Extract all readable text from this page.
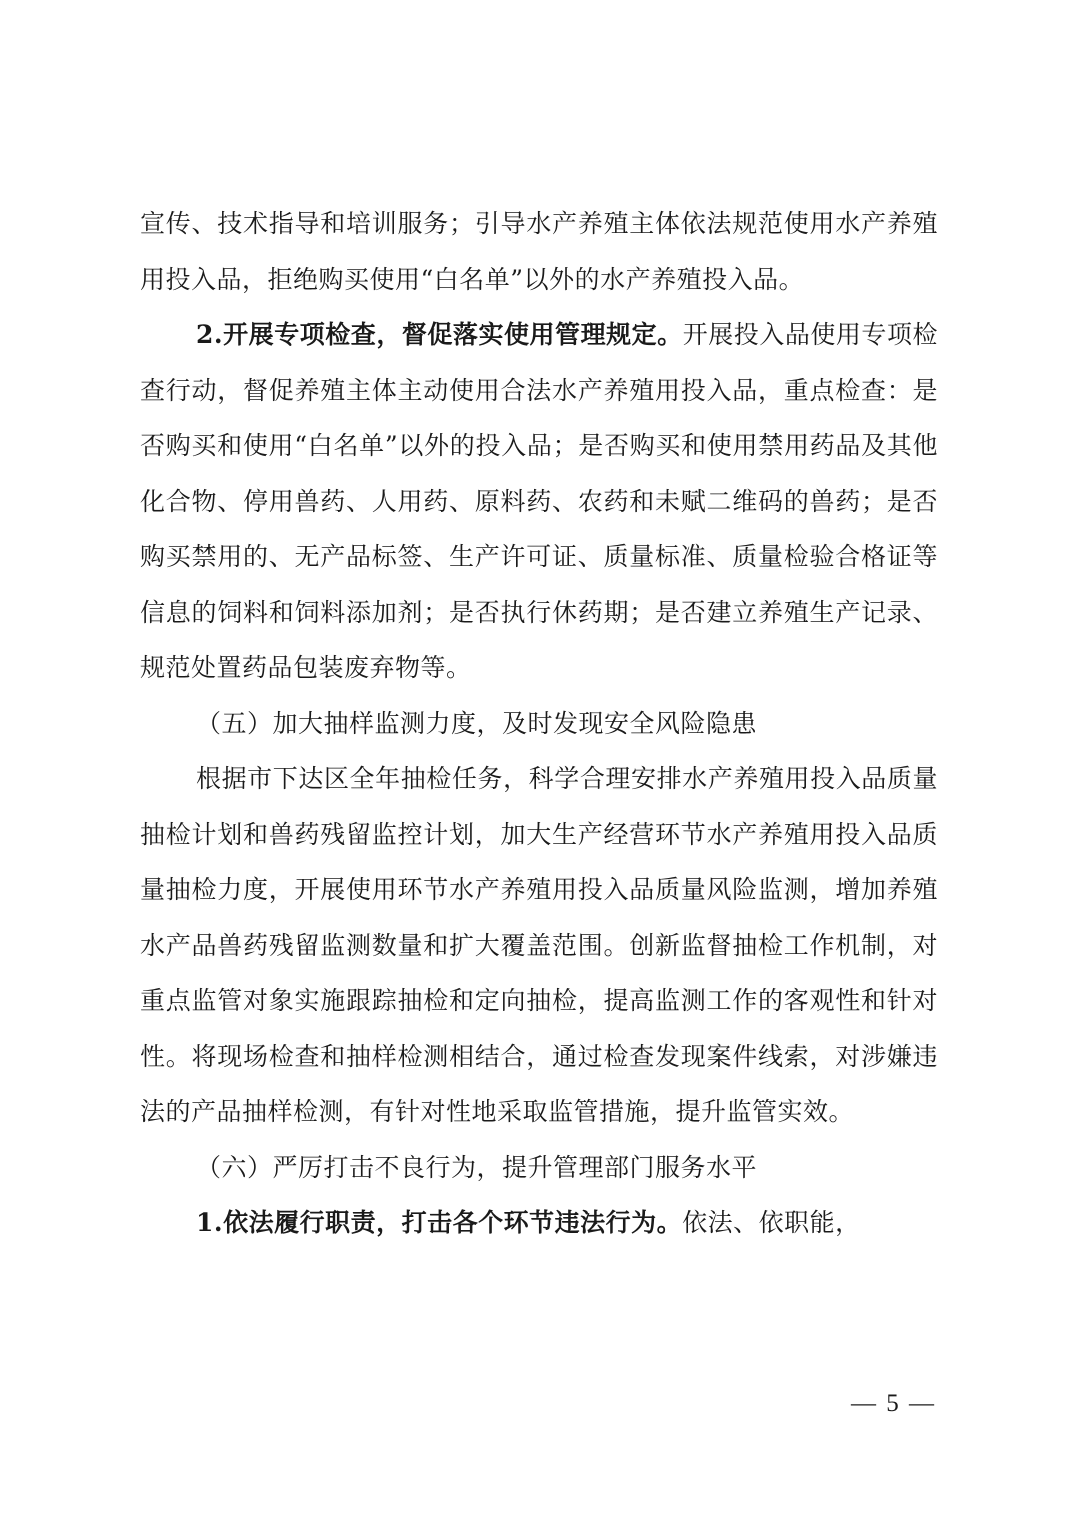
宣传、技术指导和培训服务；引导水产养殖主体依法规范使用水产养殖用投入品，拒绝购买使用“白名单”以外的水产养殖投入品。

2.开展专项检查，督促落实使用管理规定。开展投入品使用专项检查行动，督促养殖主体主动使用合法水产养殖用投入品，重点检查：是否购买和使用“白名单”以外的投入品；是否购买和使用禁用药品及其他化合物、停用兽药、人用药、原料药、农药和未赋二维码的兽药；是否购买禁用的、无产品标签、生产许可证、质量标准、质量检验合格证等信息的饲料和饲料添加剂；是否执行休药期；是否建立养殖生产记录、规范处置药品包装废弃物等。

（五）加大抽样监测力度，及时发现安全风险隐患

根据市下达区全年抽检任务，科学合理安排水产养殖用投入品质量抽检计划和兽药残留监控计划，加大生产经营环节水产养殖用投入品质量抽检力度，开展使用环节水产养殖用投入品质量风险监测，增加养殖水产品兽药残留监测数量和扩大覆盖范围。创新监督抽检工作机制，对重点监管对象实施跟踪抽检和定向抽检，提高监测工作的客观性和针对性。将现场检查和抽样检测相结合，通过检查发现案件线索，对涉嫌违法的产品抽样检测，有针对性地采取监管措施，提升监管实效。

（六）严厉打击不良行为，提升管理部门服务水平

1.依法履行职责，打击各个环节违法行为。依法、依职能，

— 5 —
